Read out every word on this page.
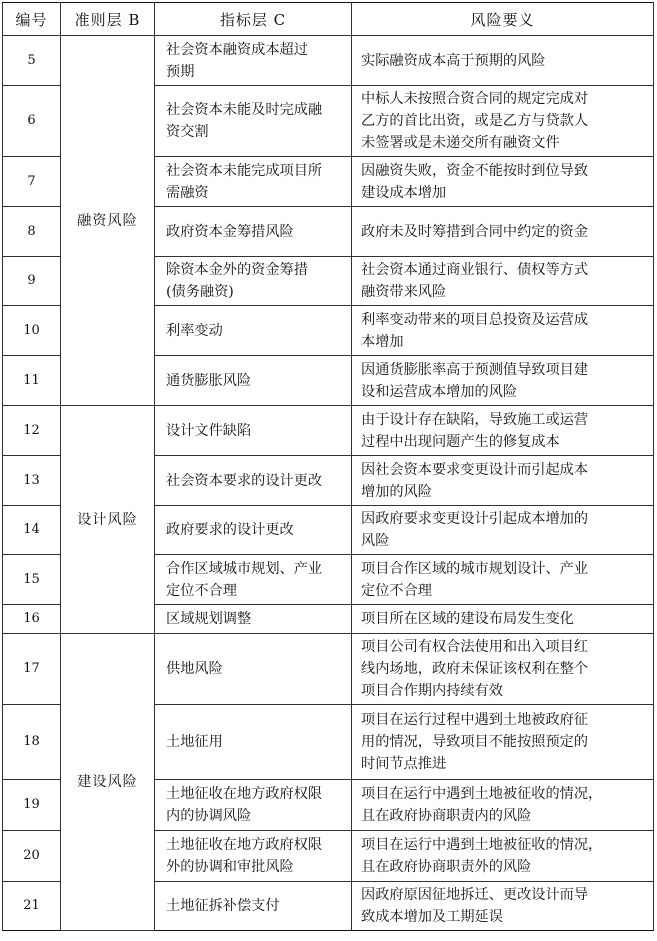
编号	准则层 B	指标层 C	风险要义
5	融资风险	社会资本融资成本超过
预期	实际融资成本高于预期的风险

6		社会资本未能及时完成融
资交割	中标人未按照合资合同的规定完成对
乙方的首比出资，或是乙方与贷款人
未签署或是未递交所有融资文件

7		社会资本未能完成项目所
需融资	因融资失败，资金不能按时到位导致
建设成本增加

8		政府资本金筹措风险	政府未及时筹措到合同中约定的资金

9		除资本金外的资金筹措
(债务融资)	社会资本通过商业银行、债权等方式
融资带来风险

10		利率变动	利率变动带来的项目总投资及运营成
本增加

11		通货膨胀风险	因通货膨胀率高于预测值导致项目建
设和运营成本增加的风险

12	设计风险	设计文件缺陷	由于设计存在缺陷，导致施工或运营
过程中出现问题产生的修复成本

13		社会资本要求的设计更改	因社会资本要求变更设计而引起成本
增加的风险

14		政府要求的设计更改	因政府要求变更设计引起成本增加的
风险

15		合作区域城市规划、产业
定位不合理	项目合作区域的城市规划设计、产业
定位不合理

16		区域规划调整	项目所在区域的建设布局发生变化

17	建设风险	供地风险	项目公司有权合法使用和出入项目红
线内场地，政府未保证该权利在整个
项目合作期内持续有效

18		土地征用	项目在运行过程中遇到土地被政府征
用的情况，导致项目不能按照预定的
时间节点推进

19		土地征收在地方政府权限
内的协调风险	项目在运行中遇到土地被征收的情况，
且在政府协商职责内的风险

20		土地征收在地方政府权限
外的协调和审批风险	项目在运行中遇到土地被征收的情况，
且在政府协商职责外的风险

21		土地征拆补偿支付	因政府原因征地拆迁、更改设计而导
致成本增加及工期延误
